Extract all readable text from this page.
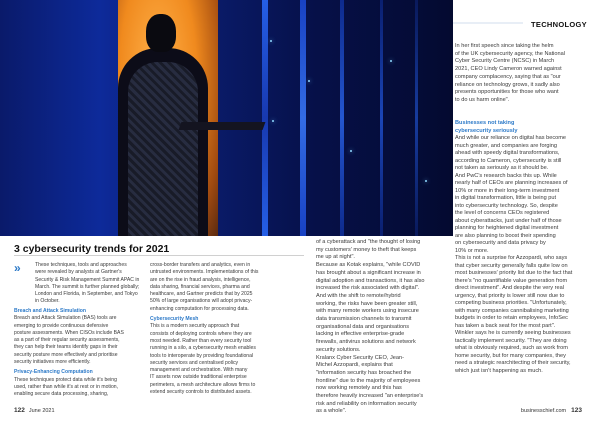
TECHNOLOGY
3 cybersecurity trends for 2021
»	These techniques, tools and approaches

were revealed by analysts at Gartner's

Security & Risk Management Summit APAC in

March. The summit is further planned globally;

London and Florida, in September, and Tokyo

in October.

Breach and Attack Simulation

Breach and Attack Simulation (BAS) tools are

emerging to provide continuous defensive

posture assessments. When CISOs include BAS

as a part of their regular security assessments,

they can help their teams identify gaps in their

security posture more effectively and prioritise

security initiatives more efficiently.

Privacy-Enhancing Computation

These techniques protect data while it's being

used, rather than while it's at rest or in motion,

enabling secure data processing, sharing,

cross-border transfers and analytics, even in

untrusted environments. Implementations of this

are on the rise in fraud analysis, intelligence,

data sharing, financial services, pharma and

healthcare, and Gartner predicts that by 2025

50% of large organisations will adopt privacy-

enhancing computation for processing data.

Cybersecurity Mesh

This is a modern security approach that

consists of deploying controls where they are

most needed. Rather than every security tool

running in a silo, a cybersecurity mesh enables

tools to interoperate by providing foundational

security services and centralised policy

management and orchestration. With many

IT assets now outside traditional enterprise

perimeters, a mesh architecture allows firms to

extend security controls to distributed assets.

of a cyberattack and "the thought of losing

my customers' money to theft that keeps

me up at night".

Because as Kotak explains, "while COVID

has brought about a significant increase in

digital adoption and transactions, it has also

increased the risk associated with digital".

And with the shift to remote/hybrid

working, the risks have been greater still,

with many remote workers using insecure

data transmission channels to transmit

organisational data and organisations

lacking in effective enterprise-grade

firewalls, antivirus solutions and network

security solutions.

Kralanx Cyber Security CEO, Jean-

Michel Azzopardi, explains that

"information security has broached the

frontline" due to the majority of employees

now working remotely and this has

therefore heavily increased "an enterprise's

risk and reliability on information security

as a whole".

In her first speech since taking the helm

of the UK cybersecurity agency, the National

Cyber Security Centre (NCSC) in March

2021, CEO Lindy Cameron warned against

company complacency, saying that as "our

reliance on technology grows, it sadly also

presents opportunities for those who want

to do us harm online".

Businesses not taking

cybersecurity seriously

And while our reliance on digital has become

much greater, and companies are forging

ahead with speedy digital transformations,

according to Cameron, cybersecurity is still

not taken as seriously as it should be.

And PwC's research backs this up. While

nearly half of CEOs are planning increases of

10% or more in their long-term investment

in digital transformation, little is being put

into cybersecurity technology. So, despite

the level of concerns CEOs registered

about cyberattacks, just under half of those

planning for heightened digital investment

are also planning to boost their spending

on cybersecurity and data privacy by

10% or more.

This is not a surprise for Azzopardi, who says

that cyber security generally falls quite low on

most businesses' priority list due to the fact that

there's "no quantifiable value generation from

direct investment". And despite the very real

urgency, that priority is lower still now due to

competing business priorities. "Unfortunately,

with many companies cannibalising marketing

budgets in order to retain employees, InfoSec

has taken a back seat for the most part".

Winkler says he is currently seeing businesses

tactically implement security. "They are doing

what is obviously required, such as work from

home security, but for many companies, they

need a strategic rearchitecting of their security,

which just isn't happening as much.

122 June 2021	businesschief.com 123
